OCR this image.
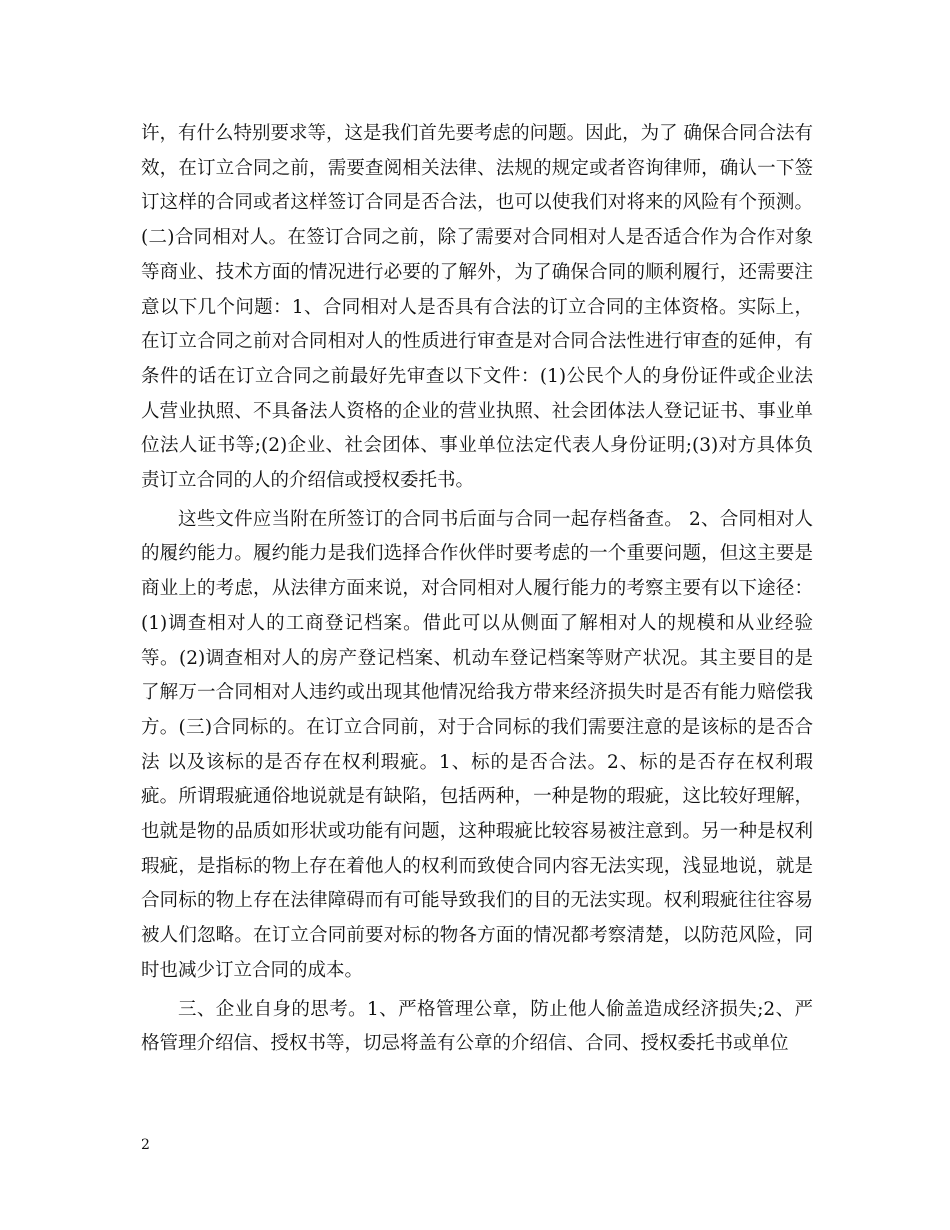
许，有什么特别要求等，这是我们首先要考虑的问题。因此，为了 确保合同合法有效，在订立合同之前，需要查阅相关法律、法规的规定或者咨询律师，确认一下签订这样的合同或者这样签订合同是否合法，也可以使我们对将来的风险有个预测。(二)合同相对人。在签订合同之前，除了需要对合同相对人是否适合作为合作对象等商业、技术方面的情况进行必要的了解外，为了确保合同的顺利履行，还需要注意以下几个问题：1、合同相对人是否具有合法的订立合同的主体资格。实际上，在订立合同之前对合同相对人的性质进行审查是对合同合法性进行审查的延伸，有条件的话在订立合同之前最好先审查以下文件：(1)公民个人的身份证件或企业法人营业执照、不具备法人资格的企业的营业执照、社会团体法人登记证书、事业单位法人证书等;(2)企业、社会团体、事业单位法定代表人身份证明;(3)对方具体负责订立合同的人的介绍信或授权委托书。

这些文件应当附在所签订的合同书后面与合同一起存档备查。 2、合同相对人的履约能力。履约能力是我们选择合作伙伴时要考虑的一个重要问题，但这主要是商业上的考虑，从法律方面来说，对合同相对人履行能力的考察主要有以下途径：(1)调查相对人的工商登记档案。借此可以从侧面了解相对人的规模和从业经验等。(2)调查相对人的房产登记档案、机动车登记档案等财产状况。其主要目的是了解万一合同相对人违约或出现其他情况给我方带来经济损失时是否有能力赔偿我方。(三)合同标的。在订立合同前，对于合同标的我们需要注意的是该标的是否合法 以及该标的是否存在权利瑕疵。1、标的是否合法。2、标的是否存在权利瑕疵。所谓瑕疵通俗地说就是有缺陷，包括两种，一种是物的瑕疵，这比较好理解，也就是物的品质如形状或功能有问题，这种瑕疵比较容易被注意到。另一种是权利瑕疵，是指标的物上存在着他人的权利而致使合同内容无法实现，浅显地说，就是合同标的物上存在法律障碍而有可能导致我们的目的无法实现。权利瑕疵往往容易被人们忽略。在订立合同前要对标的物各方面的情况都考察清楚，以防范风险，同时也减少订立合同的成本。

三、企业自身的思考。1、严格管理公章，防止他人偷盖造成经济损失;2、严格管理介绍信、授权书等，切忌将盖有公章的介绍信、合同、授权委托书或单位

2
